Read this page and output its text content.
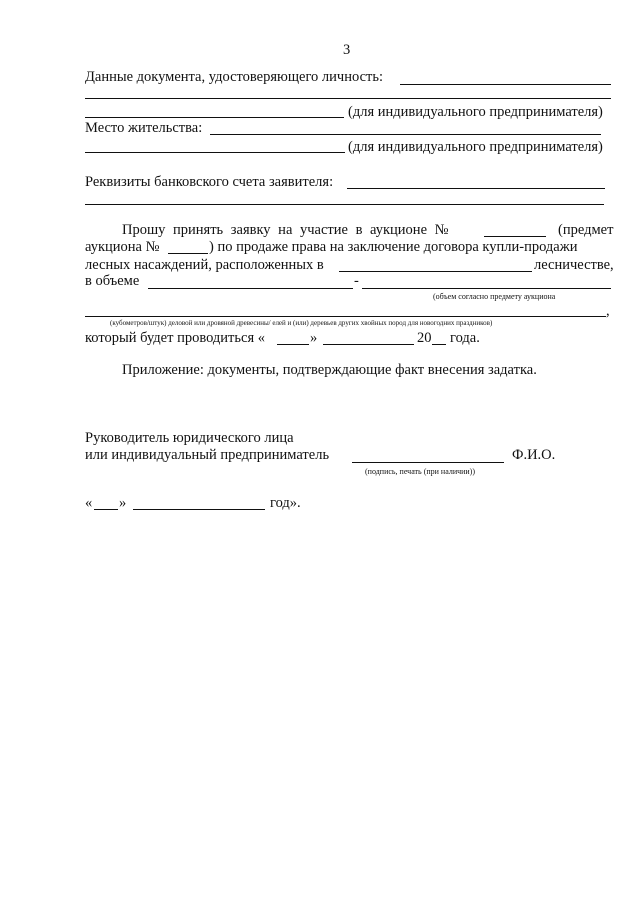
3
Данные документа, удостоверяющего личность:
(для индивидуального предпринимателя)
Место жительства:
(для индивидуального предпринимателя)
Реквизиты банковского счета заявителя:
Прошу принять заявку на участие в аукционе №	(предмет
аукциона №	) по продаже права на заключение договора купли-продажи
лесных насаждений, расположенных в	лесничестве,
в объеме	-
(объем согласно предмету аукциона
,
(кубометров/штук) деловой или дровяной древесины/ елей и (или) деревьев других хвойных пород для новогодних праздников)
который будет проводиться «	»	20 года.
Приложение: документы, подтверждающие факт внесения задатка.
Руководитель юридического лица
или индивидуальный предприниматель	Ф.И.О.
(подпись, печать (при наличии))
« »	год».
